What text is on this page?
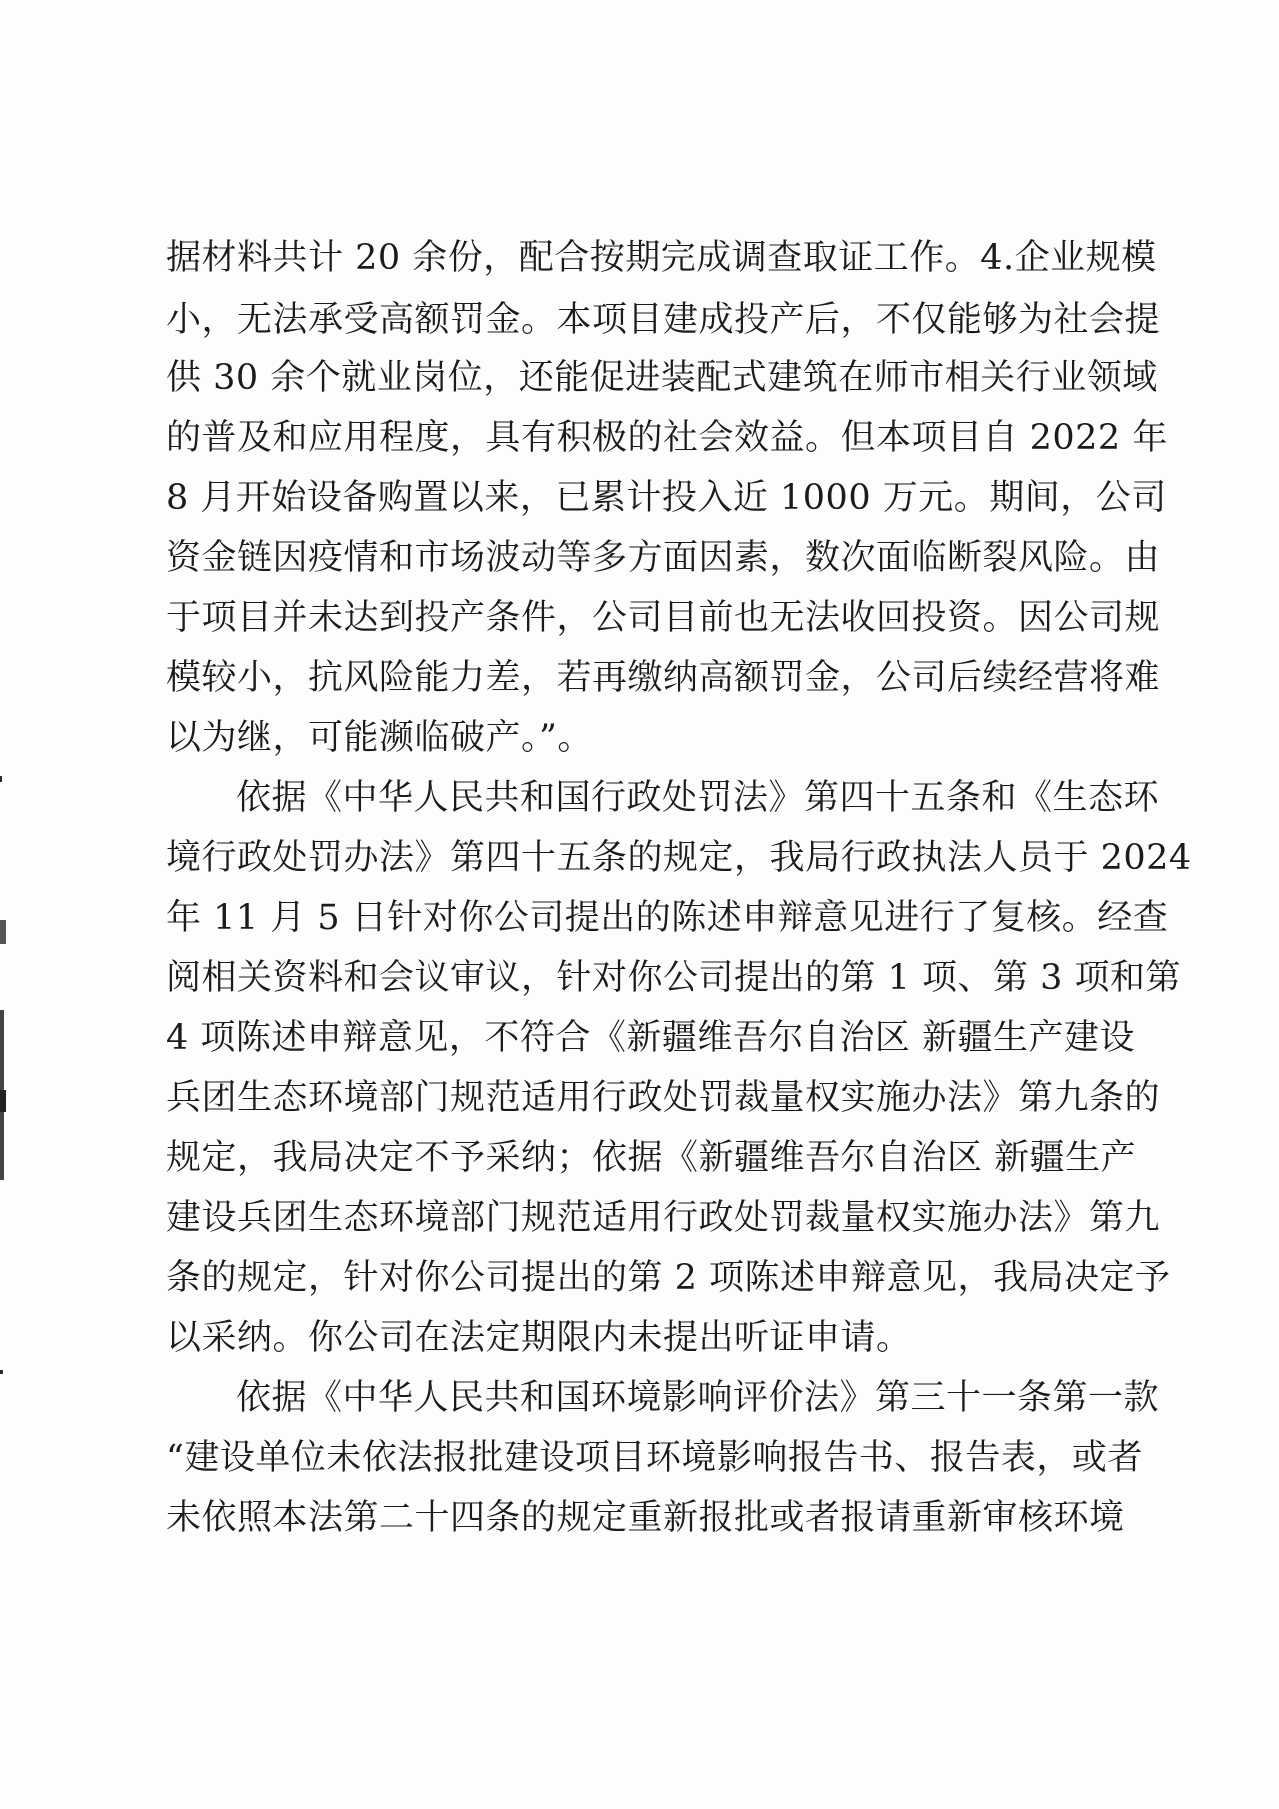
据材料共计 20 余份，配合按期完成调查取证工作。4.企业规模
小，无法承受高额罚金。本项目建成投产后，不仅能够为社会提
供 30 余个就业岗位，还能促进装配式建筑在师市相关行业领域
的普及和应用程度，具有积极的社会效益。但本项目自 2022 年
8 月开始设备购置以来，已累计投入近 1000 万元。期间，公司
资金链因疫情和市场波动等多方面因素，数次面临断裂风险。由
于项目并未达到投产条件，公司目前也无法收回投资。因公司规
模较小，抗风险能力差，若再缴纳高额罚金，公司后续经营将难
以为继，可能濒临破产。”。
依据《中华人民共和国行政处罚法》第四十五条和《生态环
境行政处罚办法》第四十五条的规定，我局行政执法人员于 2024
年 11 月 5 日针对你公司提出的陈述申辩意见进行了复核。经查
阅相关资料和会议审议，针对你公司提出的第 1 项、第 3 项和第
4 项陈述申辩意见，不符合《新疆维吾尔自治区 新疆生产建设
兵团生态环境部门规范适用行政处罚裁量权实施办法》第九条的
规定，我局决定不予采纳；依据《新疆维吾尔自治区 新疆生产
建设兵团生态环境部门规范适用行政处罚裁量权实施办法》第九
条的规定，针对你公司提出的第 2 项陈述申辩意见，我局决定予
以采纳。你公司在法定期限内未提出听证申请。
依据《中华人民共和国环境影响评价法》第三十一条第一款
“建设单位未依法报批建设项目环境影响报告书、报告表，或者
未依照本法第二十四条的规定重新报批或者报请重新审核环境
